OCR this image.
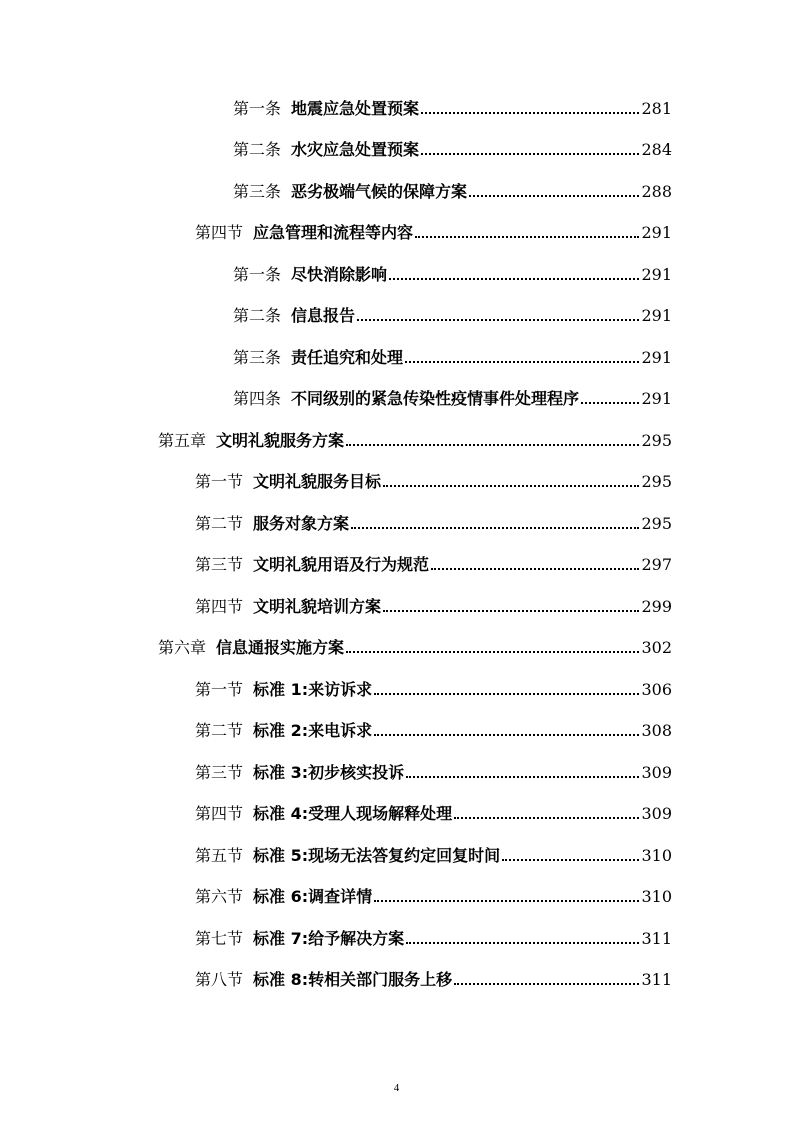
第一条 地震应急处置预案	281
第二条 水灾应急处置预案	284
第三条 恶劣极端气候的保障方案	288
第四节 应急管理和流程等内容	291
第一条 尽快消除影响	291
第二条 信息报告	291
第三条 责任追究和处理	291
第四条 不同级别的紧急传染性疫情事件处理程序	291
第五章 文明礼貌服务方案	295
第一节 文明礼貌服务目标	295
第二节 服务对象方案	295
第三节 文明礼貌用语及行为规范	297
第四节 文明礼貌培训方案	299
第六章 信息通报实施方案	302
第一节 标准 1:来访诉求	306
第二节 标准 2:来电诉求	308
第三节 标准 3:初步核实投诉	309
第四节 标准 4:受理人现场解释处理	309
第五节 标准 5:现场无法答复约定回复时间	310
第六节 标准 6:调查详情	310
第七节 标准 7:给予解决方案	311
第八节 标准 8:转相关部门服务上移	311
4
